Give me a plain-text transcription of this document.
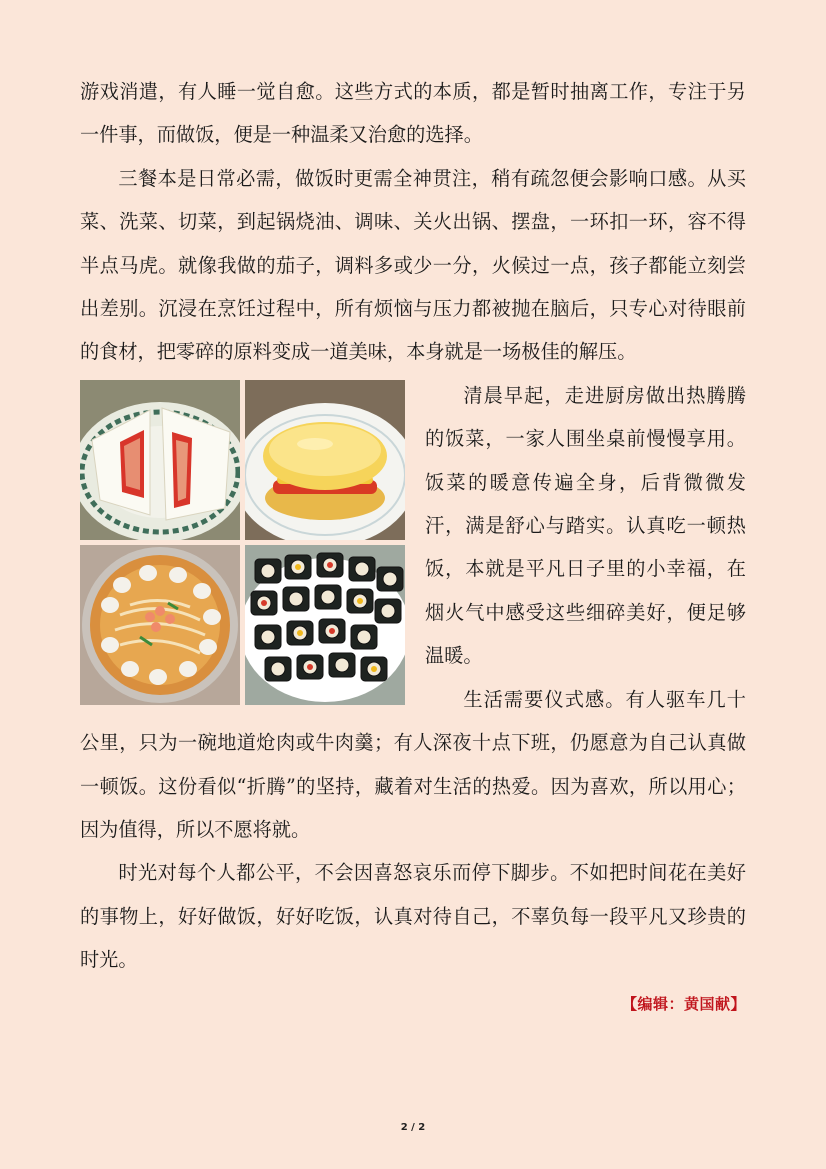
游戏消遣，有人睡一觉自愈。这些方式的本质，都是暂时抽离工作，专注于另一件事，而做饭，便是一种温柔又治愈的选择。

三餐本是日常必需，做饭时更需全神贯注，稍有疏忽便会影响口感。从买菜、洗菜、切菜，到起锅烧油、调味、关火出锅、摆盘，一环扣一环，容不得半点马虎。就像我做的茄子，调料多或少一分，火候过一点，孩子都能立刻尝出差别。沉浸在烹饪过程中，所有烦恼与压力都被抛在脑后，只专心对待眼前的食材，把零碎的原料变成一道美味，本身就是一场极佳的解压。

清晨早起，走进厨房做出热腾腾的饭菜，一家人围坐桌前慢慢享用。饭菜的暖意传遍全身，后背微微发汗，满是舒心与踏实。认真吃一顿热饭，本就是平凡日子里的小幸福，在烟火气中感受这些细碎美好，便足够温暖。

生活需要仪式感。有人驱车几十公里，只为一碗地道炝肉或牛肉羹；有人深夜十点下班，仍愿意为自己认真做一顿饭。这份看似“折腾”的坚持，藏着对生活的热爱。因为喜欢，所以用心；因为值得，所以不愿将就。

时光对每个人都公平，不会因喜怒哀乐而停下脚步。不如把时间花在美好的事物上，好好做饭，好好吃饭，认真对待自己，不辜负每一段平凡又珍贵的时光。

【编辑：黄国献】
2 / 2
